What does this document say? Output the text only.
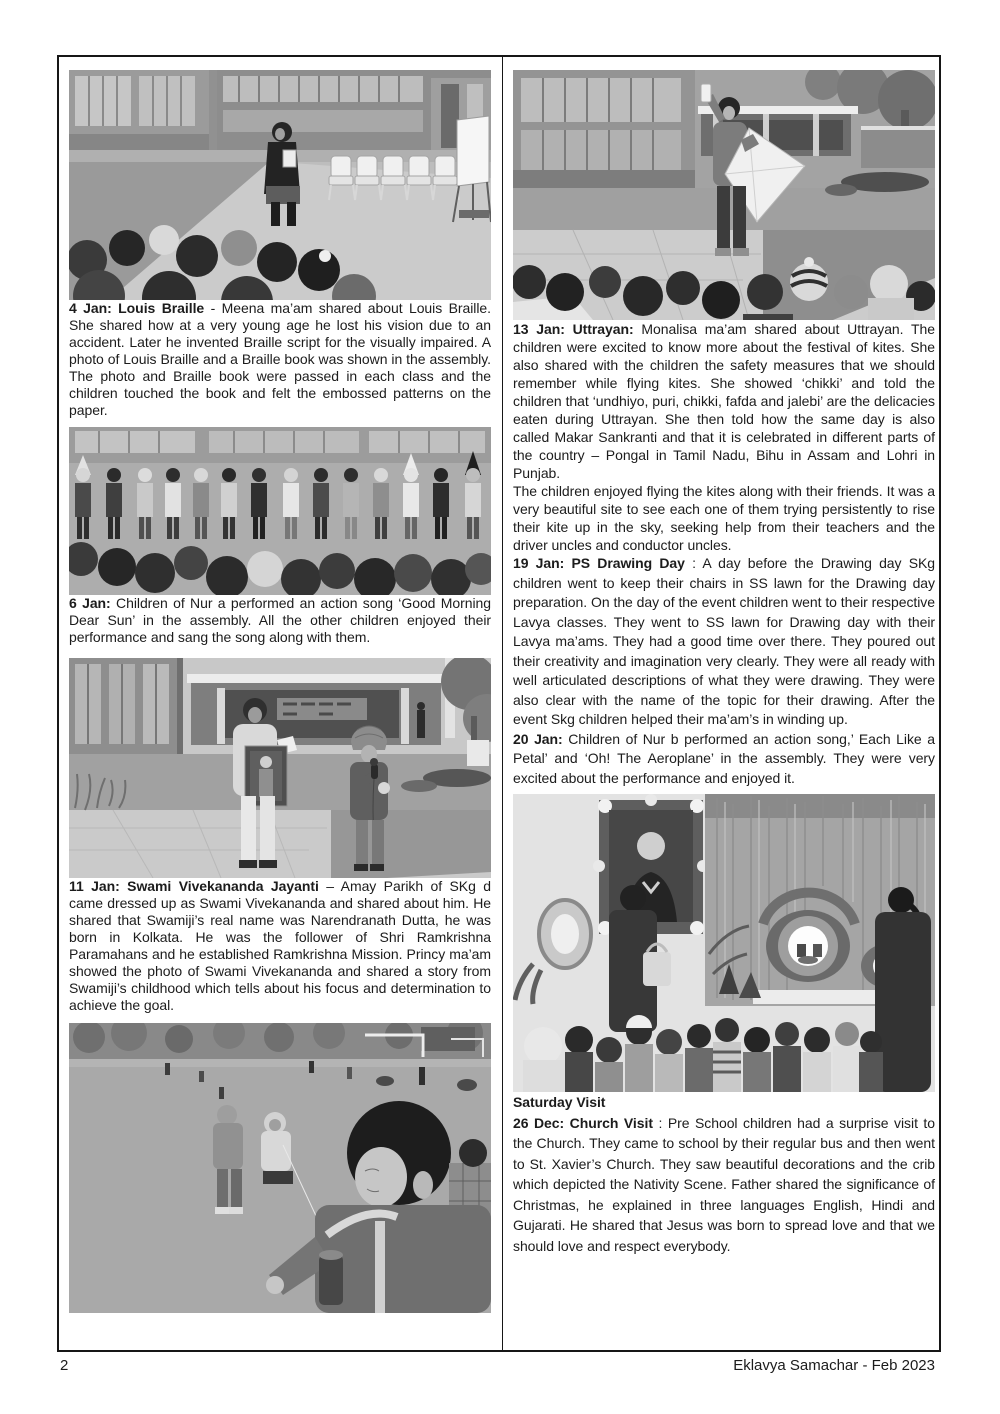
4 Jan: Louis Braille - Meena ma’am shared about Louis Braille. She shared how at a very young age he lost his vision due to an accident. Later he invented Braille script for the visually impaired. A photo of Louis Braille and a Braille book was shown in the assembly. The photo and Braille book were passed in each class and the children touched the book and felt the embossed patterns on the paper.

6 Jan: Children of Nur a performed an action song ‘Good Morning Dear Sun’ in the assembly. All the other children enjoyed their performance and sang the song along with them.

11 Jan: Swami Vivekananda Jayanti – Amay Parikh of SKg d came dressed up as Swami Vivekananda and shared about him. He shared that Swamiji’s real name was Narendranath Dutta, he was born in Kolkata. He was the follower of Shri Ramkrishna Paramahans and he established Ramkrishna Mission. Princy ma’am showed the photo of Swami Vivekananda and shared a story from Swamiji’s childhood which tells about his focus and determination to achieve the goal.

13 Jan: Uttrayan: Monalisa ma’am shared about Uttrayan. The children were excited to know more about the festival of kites. She also shared with the children the safety measures that we should remember while flying kites. She showed ‘chikki’ and told the children that ‘undhiyo, puri, chikki, fafda and jalebi’ are the delicacies eaten during Uttrayan. She then told how the same day is also called Makar Sankranti and that it is celebrated in different parts of the country – Pongal in Tamil Nadu, Bihu in Assam and Lohri in Punjab.
The children enjoyed flying the kites along with their friends. It was a very beautiful site to see each one of them trying persistently to rise their kite up in the sky, seeking help from their teachers and the driver uncles and conductor uncles.

19 Jan: PS Drawing Day : A day before the Drawing day SKg children went to keep their chairs in SS lawn for the Drawing day preparation. On the day of the event children went to their respective Lavya classes. They went to SS lawn for Drawing day with their Lavya ma’ams. They had a good time over there. They poured out their creativity and imagination very clearly. They were all ready with well articulated descriptions of what they were drawing. They were also clear with the name of the topic for their drawing. After the event Skg children helped their ma’am’s in winding up.

20 Jan: Children of Nur b performed an action song,’ Each Like a Petal’ and ‘Oh! The Aeroplane’ in the assembly. They were very excited about the performance and enjoyed it.

Saturday Visit

26 Dec: Church Visit : Pre School children had a surprise visit to the Church. They came to school by their regular bus and then went to St. Xavier’s Church. They saw beautiful decorations and the crib which depicted the Nativity Scene. Father shared the significance of Christmas, he explained in three languages English, Hindi and Gujarati. He shared that Jesus was born to spread love and that we should love and respect everybody.

2	Eklavya Samachar - Feb 2023
